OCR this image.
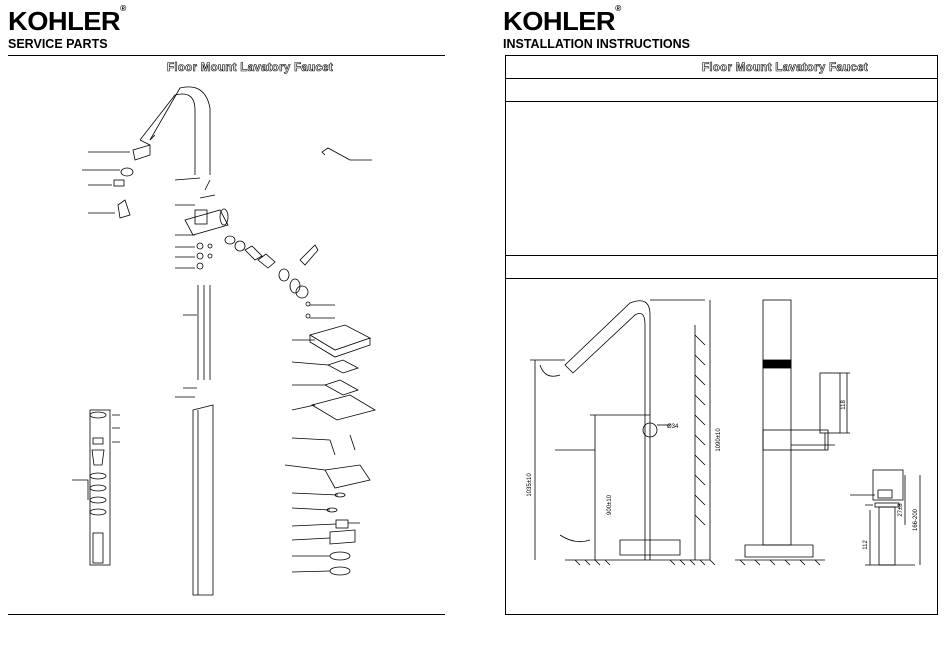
KOHLER®
SERVICE PARTS
Floor Mount Lavatory Faucet
KOHLER®
INSTALLATION INSTRUCTIONS
Floor Mount Lavatory Faucet
1035±10
900±10
Ø34
1090±10
118
112
166-200
27±8
